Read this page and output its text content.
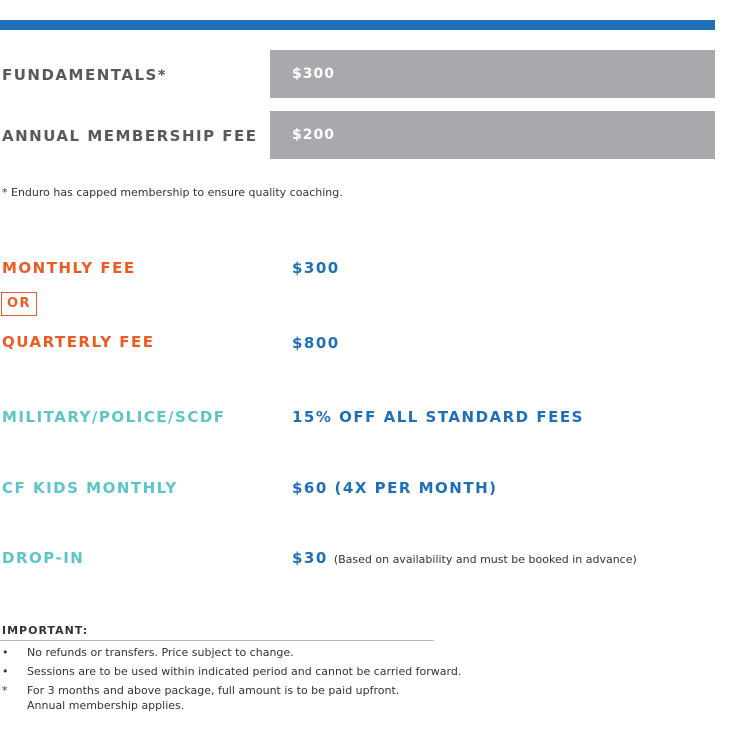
FUNDAMENTALS*	$300
ANNUAL MEMBERSHIP FEE	$200
* Enduro has capped membership to ensure quality coaching.
MONTHLY FEE	$300
OR
QUARTERLY FEE	$800
MILITARY/POLICE/SCDF	15% OFF ALL STANDARD FEES
CF KIDS MONTHLY	$60 (4X PER MONTH)
DROP-IN	$30 (Based on availability and must be booked in advance)
IMPORTANT:
• No refunds or transfers. Price subject to change.
• Sessions are to be used within indicated period and cannot be carried forward.
* For 3 months and above package, full amount is to be paid upfront.
Annual membership applies.
